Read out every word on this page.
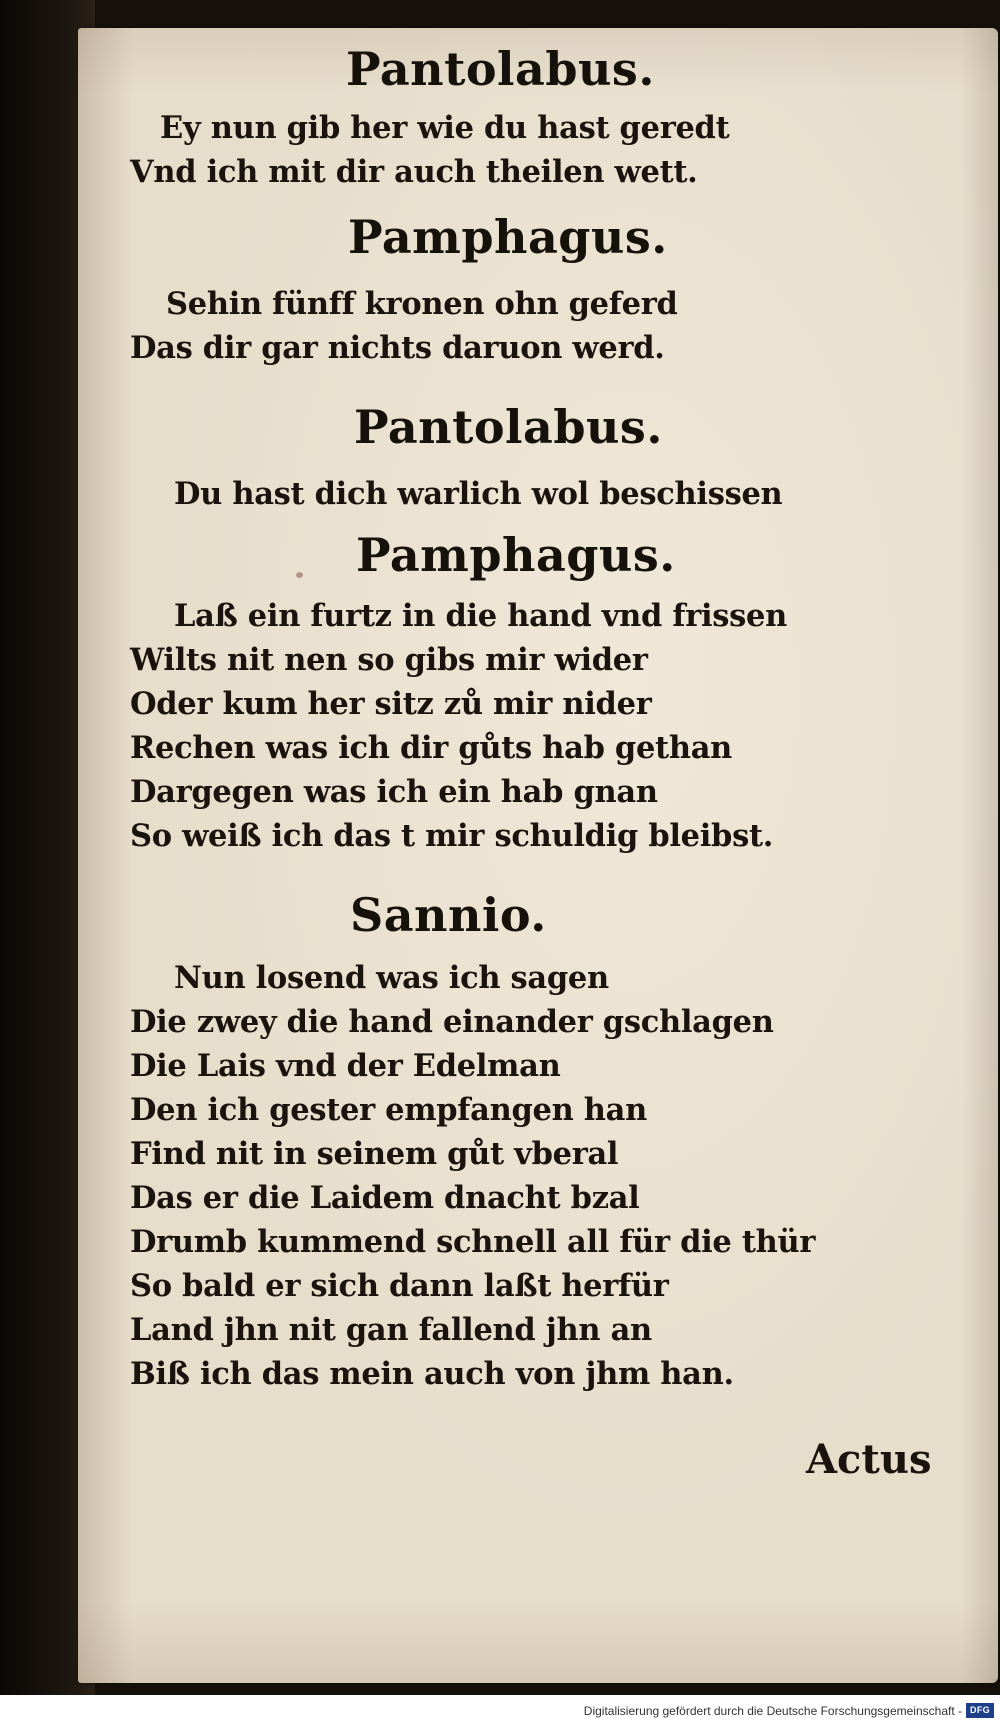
Pantolabus.
Ey nun gib her wie du hast geredt
Vnd ich mit dir auch theilen wett.
Pamphagus.
Sehin fünff kronen ohn geferd
Das dir gar nichts daruon werd.
Pantolabus.
Du hast dich warlich wol beschissen
Pamphagus.
Laß ein furtz in die hand vnd frissen
Wilts nit nen so gibs mir wider
Oder kum her sitz zů mir nider
Rechen was ich dir gůts hab gethan
Dargegen was ich ein hab gnan
So weiß ich das t mir schuldig bleibst.
Sannio.
Nun losend was ich sagen
Die zwey die hand einander gschlagen
Die Lais vnd der Edelman
Den ich gester empfangen han
Find nit in seinem gůt vberal
Das er die Laidem dnacht bzal
Drumb kummend schnell all für die thür
So bald er sich dann laßt herfür
Land jhn nit gan fallend jhn an
Biß ich das mein auch von jhm han.
Actus
Digitalisierung gefördert durch die Deutsche Forschungsgemeinschaft - DFG
